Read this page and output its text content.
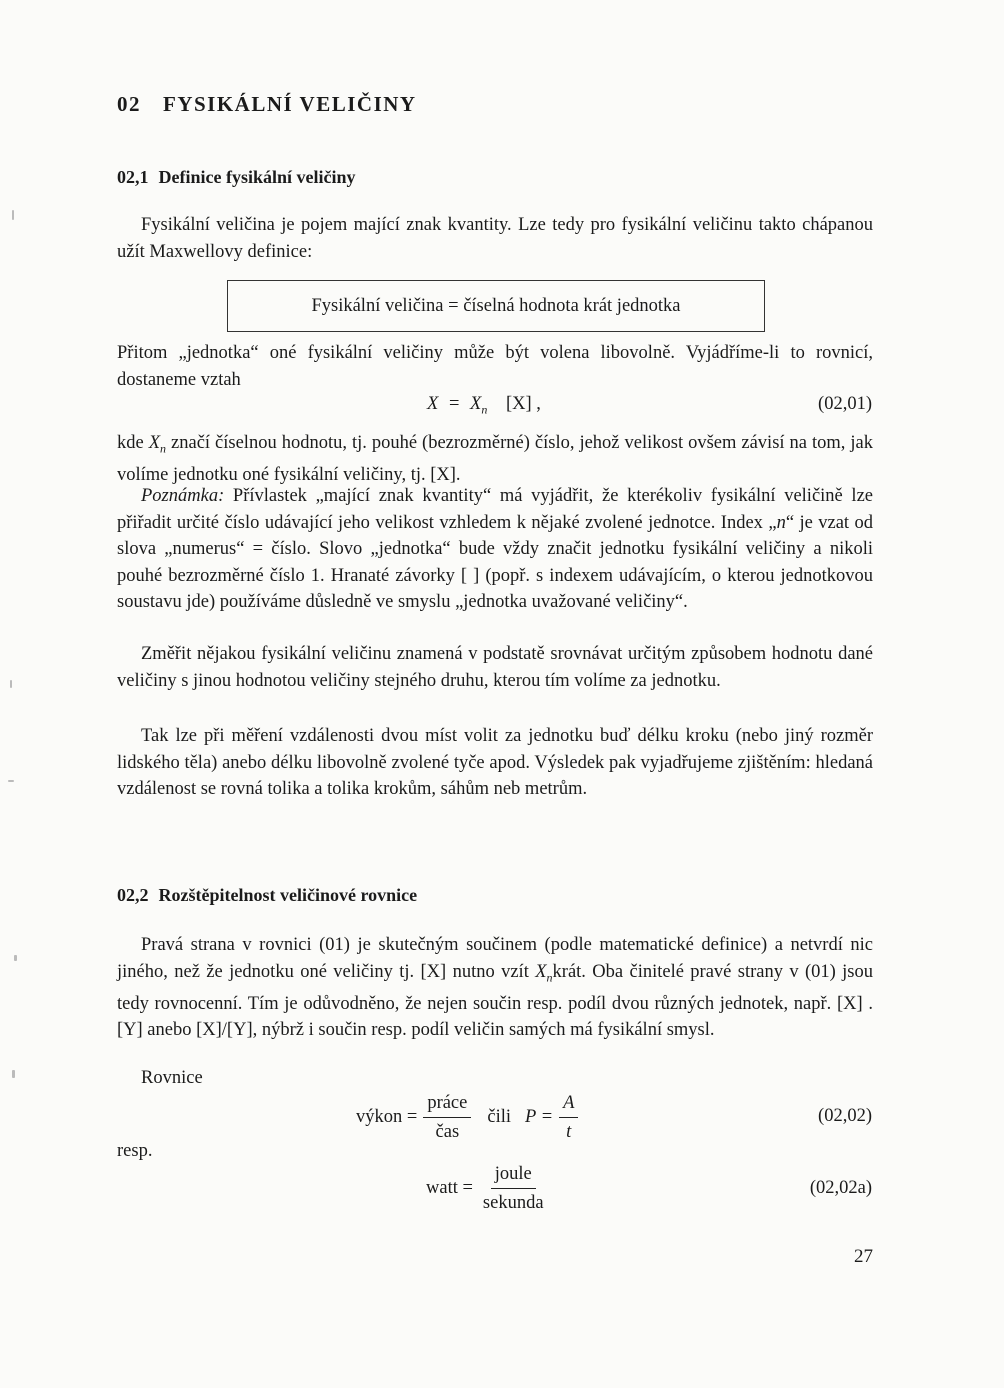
02 FYSIKÁLNÍ VELIČINY
02,1 Definice fysikální veličiny

Fysikální veličina je pojem mající znak kvantity. Lze tedy pro fysikální veličinu takto chápanou užít Maxwellovy definice:

Fysikální veličina = číselná hodnota krát jednotka

Přitom „jednotka“ oné fysikální veličiny může být volena libovolně. Vyjádříme-li to rovnicí, dostaneme vztah

$X = X_n$ [X] ,	(02,01)

kde $X_n$ značí číselnou hodnotu, tj. pouhé (bezrozměrné) číslo, jehož velikost ovšem závisí na tom, jak volíme jednotku oné fysikální veličiny, tj. [X].

Poznámka: Přívlastek „mající znak kvantity“ má vyjádřit, že kterékoliv fysikální veličině lze přiřadit určité číslo udávající jeho velikost vzhledem k nějaké zvolené jednotce. Index „n“ je vzat od slova „numerus“ = číslo. Slovo „jednotka“ bude vždy značit jednotku fysikální veličiny a nikoli pouhé bezrozměrné číslo 1. Hranaté závorky [ ] (popř. s indexem udávajícím, o kterou jednotkovou soustavu jde) používáme důsledně ve smyslu „jednotka uvažované veličiny“.

Změřit nějakou fysikální veličinu znamená v podstatě srovnávat určitým způsobem hodnotu dané veličiny s jinou hodnotou veličiny stejného druhu, kterou tím volíme za jednotku.

Tak lze při měření vzdálenosti dvou míst volit za jednotku buď délku kroku (nebo jiný rozměr lidského těla) anebo délku libovolně zvolené tyče apod. Výsledek pak vyjadřujeme zjištěním: hledaná vzdálenost se rovná tolika a tolika krokům, sáhům neb metrům.

02,2 Rozštěpitelnost veličinové rovnice

Pravá strana v rovnici (01) je skutečným součinem (podle matematické definice) a netvrdí nic jiného, než že jednotku oné veličiny tj. [X] nutno vzít $X_nkrát$. Oba činitelé pravé strany v (01) jsou tedy rovnocenní. Tím je odůvodněno, že nejen součin resp. podíl dvou různých jednotek, např. [X] . [Y] anebo [X]/[Y], nýbrž i součin resp. podíl veličin samých má fysikální smysl.

Rovnice
výkon = $\frac{\text{práce}}{\text{čas}}$ čili $P = \frac{A}{t}$	(02,02)
resp.
watt = $\frac{\text{joule}}{\text{sekunda}}$	(02,02a)
27
